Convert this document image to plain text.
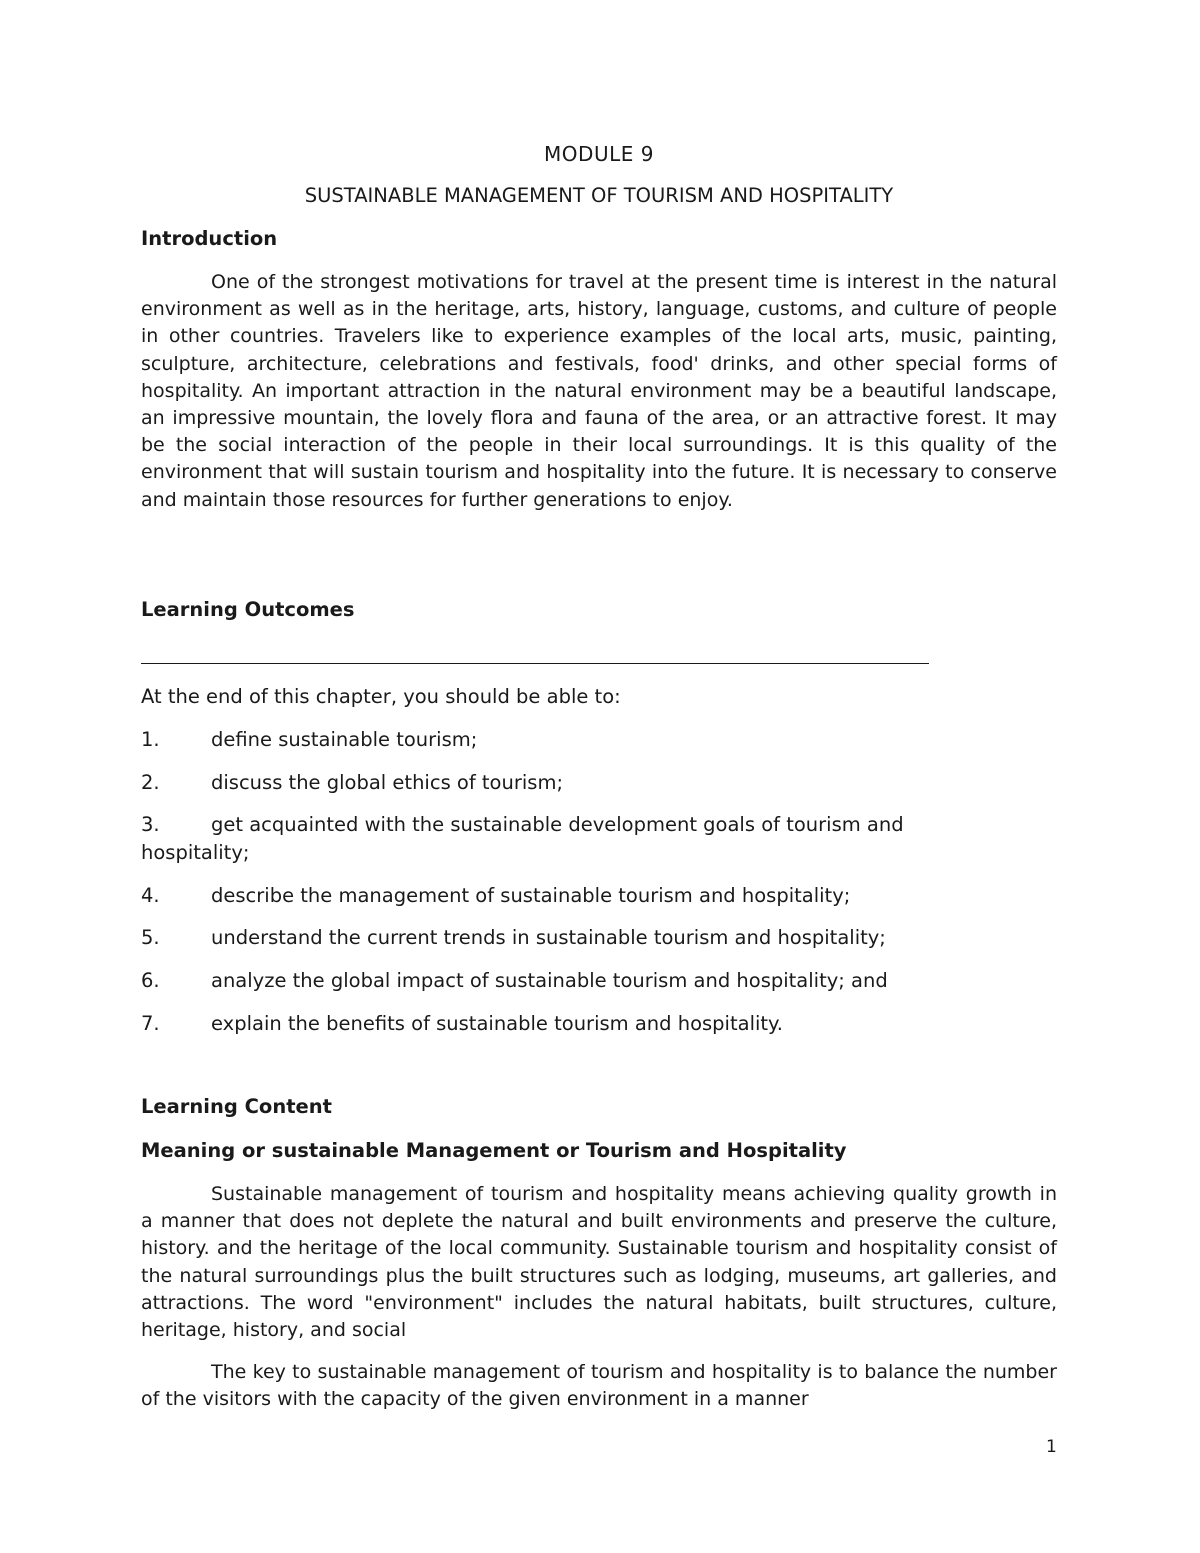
MODULE 9
SUSTAINABLE MANAGEMENT OF TOURISM AND HOSPITALITY
Introduction
One of the strongest motivations for travel at the present time is interest in the natural environment as well as in the heritage, arts, history, language, customs, and culture of people in other countries. Travelers like to experience examples of the local arts, music, painting, sculpture, architecture, celebrations and festivals, food' drinks, and other special forms of hospitality. An important attraction in the natural environment may be a beautiful landscape, an impressive mountain, the lovely flora and fauna of the area, or an attractive forest. It may be the social interaction of the people in their local surroundings. It is this quality of the environment that will sustain tourism and hospitality into the future. It is necessary to conserve and maintain those resources for further generations to enjoy.
Learning Outcomes
At the end of this chapter, you should be able to:
1.	define sustainable tourism;
2.	discuss the global ethics of tourism;
3.	get acquainted with the sustainable development goals of tourism and hospitality;
4.	describe the management of sustainable tourism and hospitality;
5.	understand the current trends in sustainable tourism and hospitality;
6.	analyze the global impact of sustainable tourism and hospitality; and
7.	explain the benefits of sustainable tourism and hospitality.
Learning Content
Meaning or sustainable Management or Tourism and Hospitality
Sustainable management of tourism and hospitality means achieving quality growth in a manner that does not deplete the natural and built environments and preserve the culture, history. and the heritage of the local community. Sustainable tourism and hospitality consist of the natural surroundings plus the built structures such as lodging, museums, art galleries, and attractions. The word "environment" includes the natural habitats, built structures, culture, heritage, history, and social
The key to sustainable management of tourism and hospitality is to balance the number of the visitors with the capacity of the given environment in a manner
1
